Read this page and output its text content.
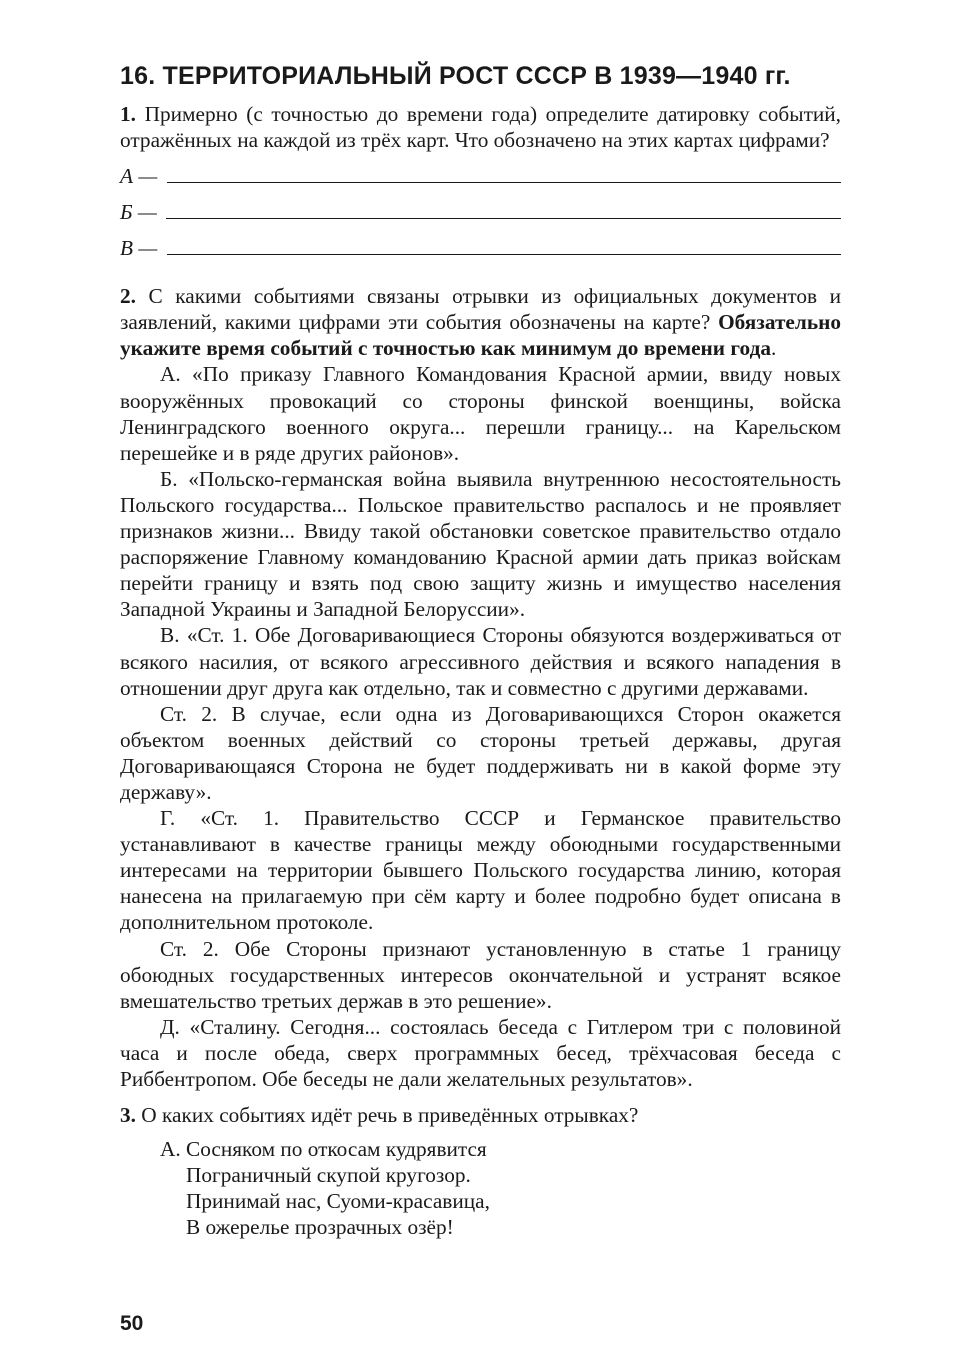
16. ТЕРРИТОРИАЛЬНЫЙ РОСТ СССР В 1939—1940 гг.

1. Примерно (с точностью до времени года) определите датировку событий, отражённых на каждой из трёх карт. Что обозначено на этих картах цифрами?

А —
Б —
В —

2. С какими событиями связаны отрывки из официальных документов и заявлений, какими цифрами эти события обозначены на карте? Обязательно укажите время событий с точностью как минимум до времени года.

А. «По приказу Главного Командования Красной армии, ввиду новых вооружённых провокаций со стороны финской военщины, войска Ленинградского военного округа... перешли границу... на Карельском перешейке и в ряде других районов».

Б. «Польско-германская война выявила внутреннюю несостоятельность Польского государства... Польское правительство распалось и не проявляет признаков жизни... Ввиду такой обстановки советское правительство отдало распоряжение Главному командованию Красной армии дать приказ войскам перейти границу и взять под свою защиту жизнь и имущество населения Западной Украины и Западной Белоруссии».

В. «Ст. 1. Обе Договаривающиеся Стороны обязуются воздерживаться от всякого насилия, от всякого агрессивного действия и всякого нападения в отношении друг друга как отдельно, так и совместно с другими державами.

Ст. 2. В случае, если одна из Договаривающихся Сторон окажется объектом военных действий со стороны третьей державы, другая Договаривающаяся Сторона не будет поддерживать ни в какой форме эту державу».

Г. «Ст. 1. Правительство СССР и Германское правительство устанавливают в качестве границы между обоюдными государственными интересами на территории бывшего Польского государства линию, которая нанесена на прилагаемую при сём карту и более подробно будет описана в дополнительном протоколе.

Ст. 2. Обе Стороны признают установленную в статье 1 границу обоюдных государственных интересов окончательной и устранят всякое вмешательство третьих держав в это решение».

Д. «Сталину. Сегодня... состоялась беседа с Гитлером три с половиной часа и после обеда, сверх программных бесед, трёхчасовая беседа с Риббентропом. Обе беседы не дали желательных результатов».

3. О каких событиях идёт речь в приведённых отрывках?

А. Сосняком по откосам кудрявится

Пограничный скупой кругозор.

Принимай нас, Суоми-красавица,

В ожерелье прозрачных озёр!

50
